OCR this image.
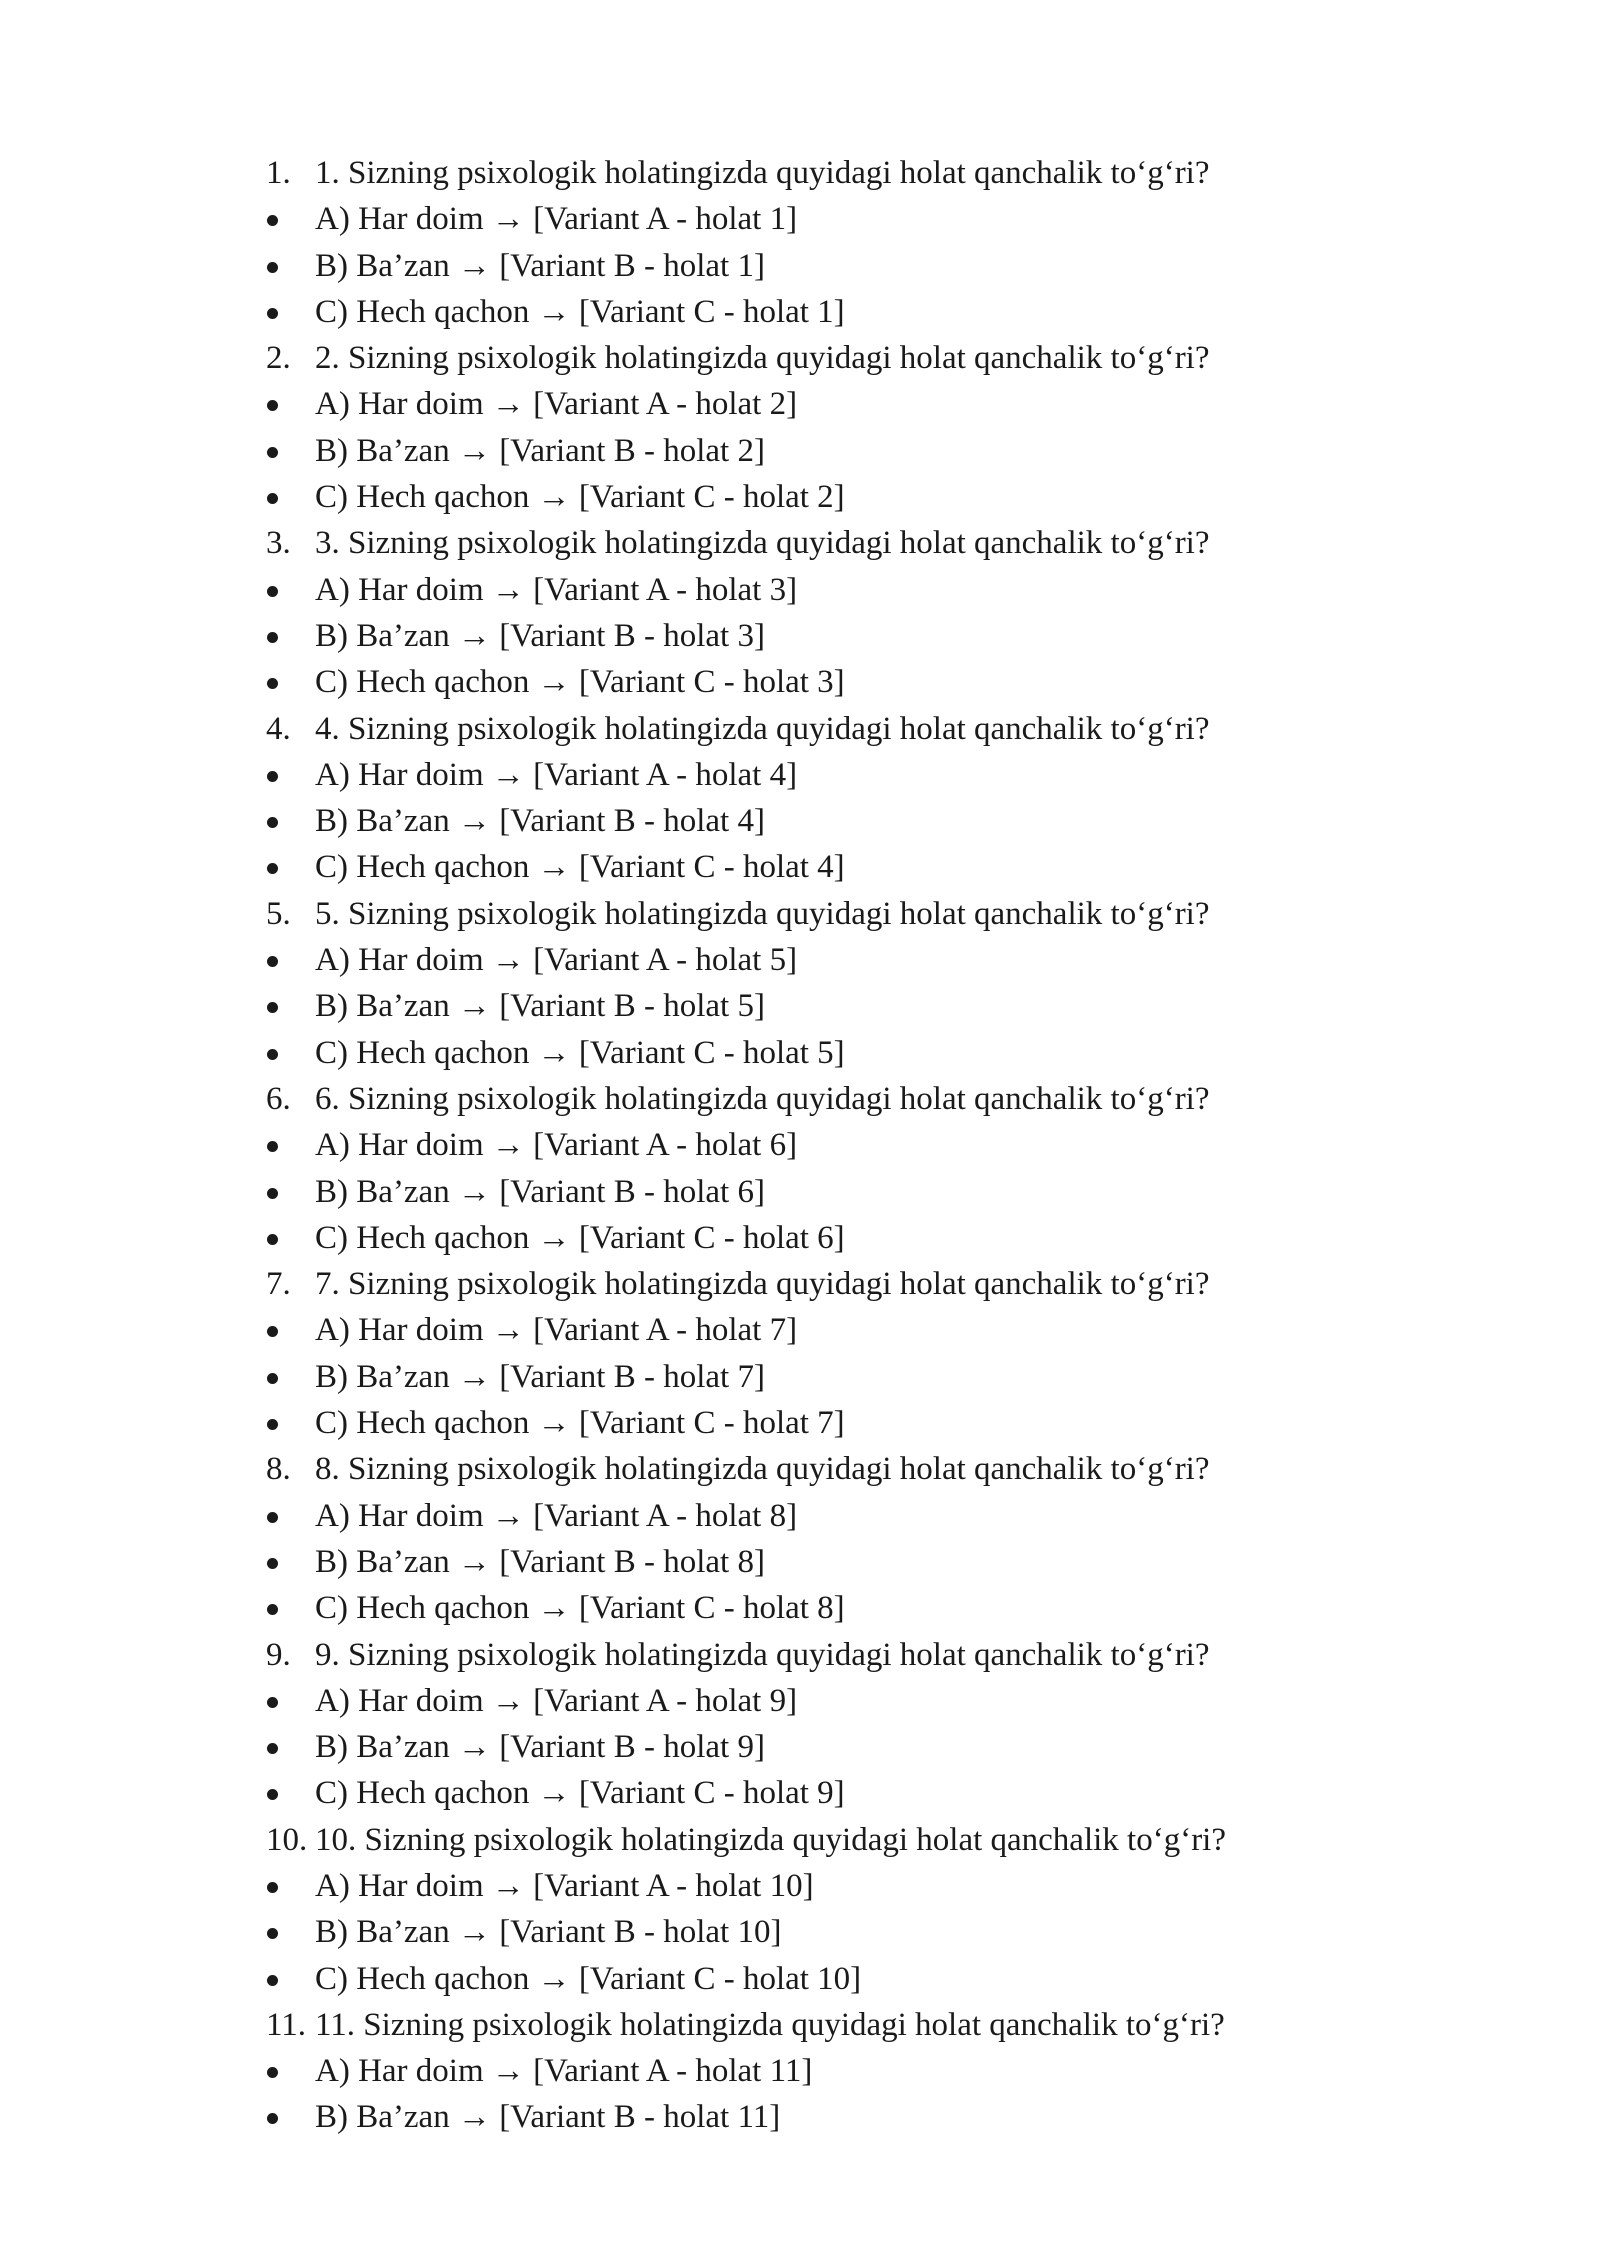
1. 1. Sizning psixologik holatingizda quyidagi holat qanchalik to‘g‘ri?
A) Har doim → [Variant A - holat 1]
B) Ba’zan → [Variant B - holat 1]
C) Hech qachon → [Variant C - holat 1]
2. 2. Sizning psixologik holatingizda quyidagi holat qanchalik to‘g‘ri?
A) Har doim → [Variant A - holat 2]
B) Ba’zan → [Variant B - holat 2]
C) Hech qachon → [Variant C - holat 2]
3. 3. Sizning psixologik holatingizda quyidagi holat qanchalik to‘g‘ri?
A) Har doim → [Variant A - holat 3]
B) Ba’zan → [Variant B - holat 3]
C) Hech qachon → [Variant C - holat 3]
4. 4. Sizning psixologik holatingizda quyidagi holat qanchalik to‘g‘ri?
A) Har doim → [Variant A - holat 4]
B) Ba’zan → [Variant B - holat 4]
C) Hech qachon → [Variant C - holat 4]
5. 5. Sizning psixologik holatingizda quyidagi holat qanchalik to‘g‘ri?
A) Har doim → [Variant A - holat 5]
B) Ba’zan → [Variant B - holat 5]
C) Hech qachon → [Variant C - holat 5]
6. 6. Sizning psixologik holatingizda quyidagi holat qanchalik to‘g‘ri?
A) Har doim → [Variant A - holat 6]
B) Ba’zan → [Variant B - holat 6]
C) Hech qachon → [Variant C - holat 6]
7. 7. Sizning psixologik holatingizda quyidagi holat qanchalik to‘g‘ri?
A) Har doim → [Variant A - holat 7]
B) Ba’zan → [Variant B - holat 7]
C) Hech qachon → [Variant C - holat 7]
8. 8. Sizning psixologik holatingizda quyidagi holat qanchalik to‘g‘ri?
A) Har doim → [Variant A - holat 8]
B) Ba’zan → [Variant B - holat 8]
C) Hech qachon → [Variant C - holat 8]
9. 9. Sizning psixologik holatingizda quyidagi holat qanchalik to‘g‘ri?
A) Har doim → [Variant A - holat 9]
B) Ba’zan → [Variant B - holat 9]
C) Hech qachon → [Variant C - holat 9]
10. 10. Sizning psixologik holatingizda quyidagi holat qanchalik to‘g‘ri?
A) Har doim → [Variant A - holat 10]
B) Ba’zan → [Variant B - holat 10]
C) Hech qachon → [Variant C - holat 10]
11. 11. Sizning psixologik holatingizda quyidagi holat qanchalik to‘g‘ri?
A) Har doim → [Variant A - holat 11]
B) Ba’zan → [Variant B - holat 11]
